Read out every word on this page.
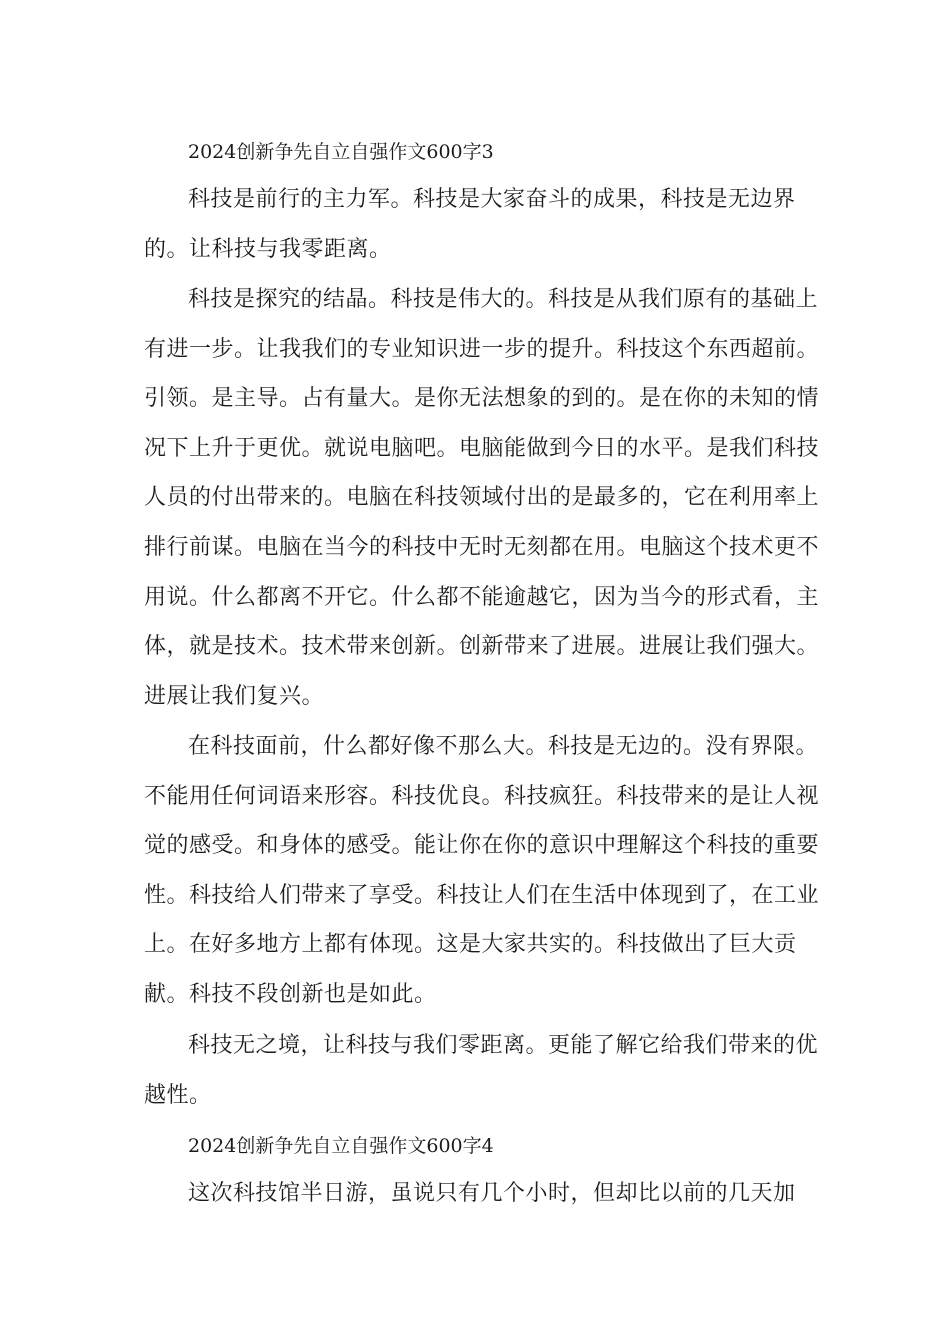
2024创新争先自立自强作文600字3

科技是前行的主力军。科技是大家奋斗的成果，科技是无边界的。让科技与我零距离。

科技是探究的结晶。科技是伟大的。科技是从我们原有的基础上有进一步。让我我们的专业知识进一步的提升。科技这个东西超前。引领。是主导。占有量大。是你无法想象的到的。是在你的未知的情况下上升于更优。就说电脑吧。电脑能做到今日的水平。是我们科技人员的付出带来的。电脑在科技领域付出的是最多的，它在利用率上排行前谋。电脑在当今的科技中无时无刻都在用。电脑这个技术更不用说。什么都离不开它。什么都不能逾越它，因为当今的形式看，主体，就是技术。技术带来创新。创新带来了进展。进展让我们强大。进展让我们复兴。

在科技面前，什么都好像不那么大。科技是无边的。没有界限。不能用任何词语来形容。科技优良。科技疯狂。科技带来的是让人视觉的感受。和身体的感受。能让你在你的意识中理解这个科技的重要性。科技给人们带来了享受。科技让人们在生活中体现到了，在工业上。在好多地方上都有体现。这是大家共实的。科技做出了巨大贡献。科技不段创新也是如此。

科技无之境，让科技与我们零距离。更能了解它给我们带来的优越性。

2024创新争先自立自强作文600字4

这次科技馆半日游，虽说只有几个小时，但却比以前的几天加
